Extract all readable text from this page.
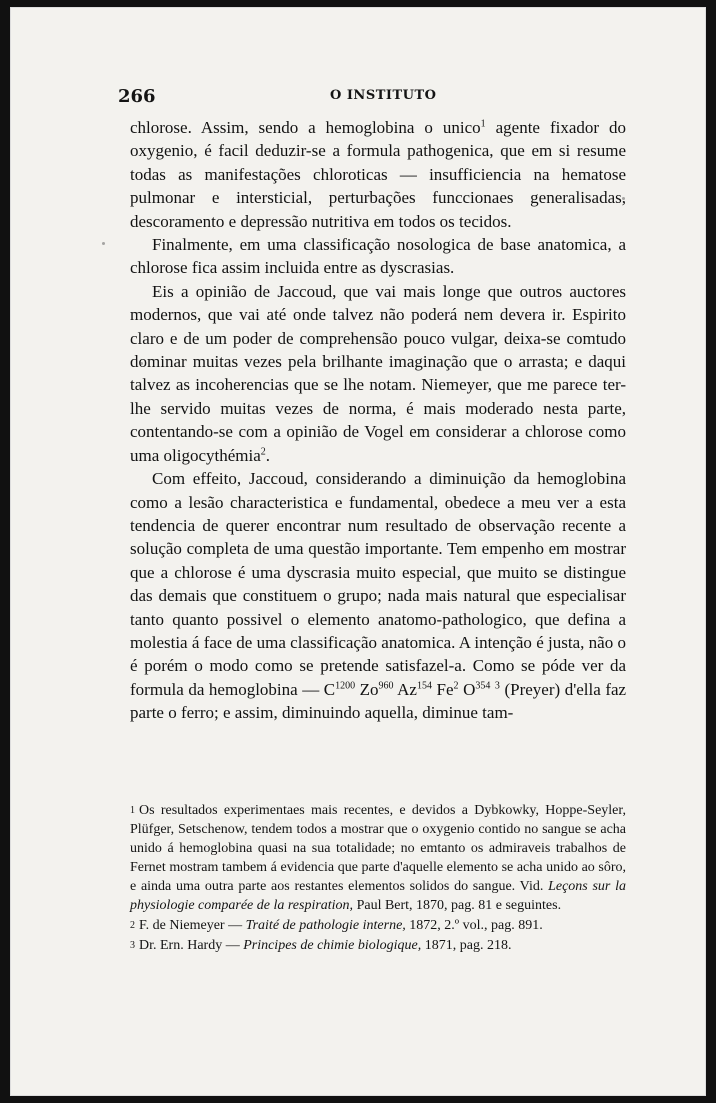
266	O INSTITUTO

chlorose. Assim, sendo a hemoglobina o unico$^1$ agente fixador do oxygenio, é facil deduzir-se a formula pathogenica, que em si resume todas as manifestações chloroticas — insufficiencia na hematose pulmonar e intersticial, perturbações funccionaes generalisadas, descoramento e depressão nutritiva em todos os tecidos.

Finalmente, em uma classificação nosologica de base anatomica, a chlorose fica assim incluida entre as dyscrasias.

Eis a opinião de Jaccoud, que vai mais longe que outros auctores modernos, que vai até onde talvez não poderá nem devera ir. Espirito claro e de um poder de comprehensão pouco vulgar, deixa-se comtudo dominar muitas vezes pela brilhante imaginação que o arrasta; e daqui talvez as incoherencias que se lhe notam. Niemeyer, que me parece ter-lhe servido muitas vezes de norma, é mais moderado nesta parte, contentando-se com a opinião de Vogel em considerar a chlorose como uma oligocythémia$^2$.

Com effeito, Jaccoud, considerando a diminuição da hemoglobina como a lesão characteristica e fundamental, obedece a meu ver a esta tendencia de querer encontrar num resultado de observação recente a solução completa de uma questão importante. Tem empenho em mostrar que a chlorose é uma dyscrasia muito especial, que muito se distingue das demais que constituem o grupo; nada mais natural que especialisar tanto quanto possivel o elemento anatomo-pathologico, que defina a molestia á face de uma classificação anatomica. A intenção é justa, não o é porém o modo como se pretende satisfazel-a. Como se póde ver da formula da hemoglobina — $C^{1200}$ Zo$^{960}$ Az$^{154}$ Fe$^2$ $O^{354}$ $^3$ (Preyer) d'ella faz parte o ferro; e assim, diminuindo aquella, diminue tam-

1 Os resultados experimentaes mais recentes, e devidos a Dybkowky, Hoppe-Seyler, Plüfger, Setschenow, tendem todos a mostrar que o oxygenio contido no sangue se acha unido á hemoglobina quasi na sua totalidade; no emtanto os admiraveis trabalhos de Fernet mostram tambem á evidencia que parte d'aquelle elemento se acha unido ao sôro, e ainda uma outra parte aos restantes elementos solidos do sangue. Vid. Leçons sur la physiologie comparée de la respiration, Paul Bert, 1870, pag. 81 e seguintes.

2 F. de Niemeyer — Traité de pathologie interne, 1872, 2.º vol., pag. 891.

3 Dr. Ern. Hardy — Principes de chimie biologique, 1871, pag. 218.
